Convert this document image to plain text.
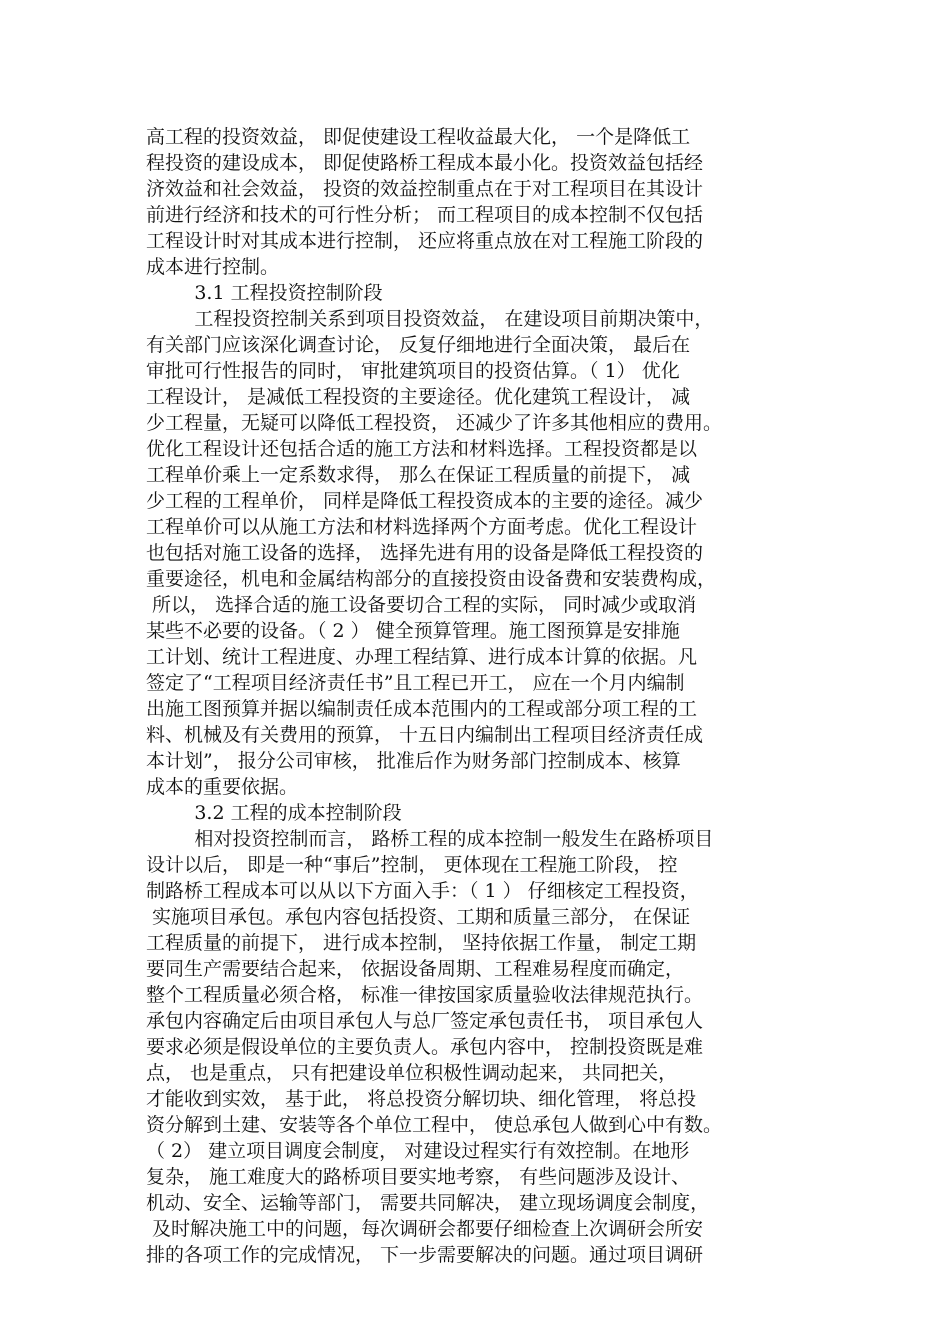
高工程的投资效益， 即促使建设工程收益最大化， 一个是降低工
程投资的建设成本， 即促使路桥工程成本最小化。投资效益包括经
济效益和社会效益， 投资的效益控制重点在于对工程项目在其设计
前进行经济和技术的可行性分析； 而工程项目的成本控制不仅包括
工程设计时对其成本进行控制， 还应将重点放在对工程施工阶段的
成本进行控制。
3.1 工程投资控制阶段
工程投资控制关系到项目投资效益， 在建设项目前期决策中，
有关部门应该深化调查讨论， 反复仔细地进行全面决策， 最后在
审批可行性报告的同时， 审批建筑项目的投资估算。（ 1） 优化
工程设计， 是减低工程投资的主要途径。优化建筑工程设计， 减
少工程量，无疑可以降低工程投资， 还减少了许多其他相应的费用。
优化工程设计还包括合适的施工方法和材料选择。工程投资都是以
工程单价乘上一定系数求得， 那么在保证工程质量的前提下， 减
少工程的工程单价， 同样是降低工程投资成本的主要的途径。减少
工程单价可以从施工方法和材料选择两个方面考虑。优化工程设计
也包括对施工设备的选择， 选择先进有用的设备是降低工程投资的
重要途径，机电和金属结构部分的直接投资由设备费和安装费构成，
所以， 选择合适的施工设备要切合工程的实际， 同时减少或取消
某些不必要的设备。（ 2 ） 健全预算管理。施工图预算是安排施
工计划、统计工程进度、办理工程结算、进行成本计算的依据。凡
签定了“工程项目经济责任书”且工程已开工， 应在一个月内编制
出施工图预算并据以编制责任成本范围内的工程或部分项工程的工
料、机械及有关费用的预算， 十五日内编制出工程项目经济责任成
本计划”， 报分公司审核， 批准后作为财务部门控制成本、核算
成本的重要依据。
3.2 工程的成本控制阶段
相对投资控制而言， 路桥工程的成本控制一般发生在路桥项目
设计以后， 即是一种“事后”控制， 更体现在工程施工阶段， 控
制路桥工程成本可以从以下方面入手：（ 1 ） 仔细核定工程投资，
实施项目承包。承包内容包括投资、工期和质量三部分， 在保证
工程质量的前提下， 进行成本控制， 坚持依据工作量， 制定工期
要同生产需要结合起来， 依据设备周期、工程难易程度而确定，
整个工程质量必须合格， 标准一律按国家质量验收法律规范执行。
承包内容确定后由项目承包人与总厂签定承包责任书， 项目承包人
要求必须是假设单位的主要负责人。承包内容中， 控制投资既是难
点， 也是重点， 只有把建设单位积极性调动起来， 共同把关，
才能收到实效， 基于此， 将总投资分解切块、细化管理， 将总投
资分解到土建、安装等各个单位工程中， 使总承包人做到心中有数。
（ 2） 建立项目调度会制度， 对建设过程实行有效控制。在地形
复杂， 施工难度大的路桥项目要实地考察， 有些问题涉及设计、
机动、安全、运输等部门， 需要共同解决， 建立现场调度会制度，
及时解决施工中的问题，每次调研会都要仔细检查上次调研会所安
排的各项工作的完成情况， 下一步需要解决的问题。通过项目调研
